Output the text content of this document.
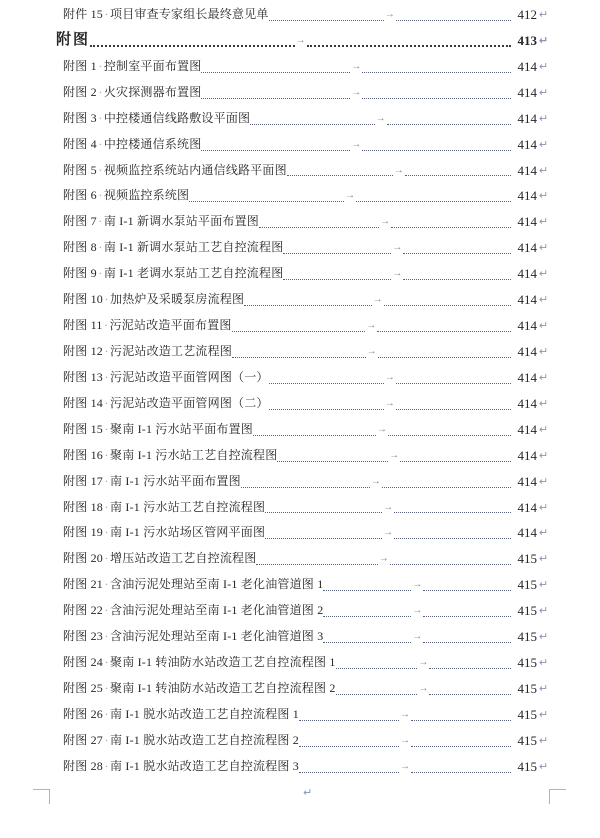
附件 15 · 项目审查专家组长最终意见单	→	412 ↵
附图	→	413 ↵
附图 1 · 控制室平面布置图	→	414 ↵
附图 2 · 火灾探测器布置图	→	414 ↵
附图 3 · 中控楼通信线路敷设平面图	→	414 ↵
附图 4 · 中控楼通信系统图	→	414 ↵
附图 5 · 视频监控系统站内通信线路平面图	→	414 ↵
附图 6 · 视频监控系统图	→	414 ↵
附图 7 · 南 I-1 新调水泵站平面布置图	→	414 ↵
附图 8 · 南 I-1 新调水泵站工艺自控流程图	→	414 ↵
附图 9 · 南 I-1 老调水泵站工艺自控流程图	→	414 ↵
附图 10 · 加热炉及采暖泵房流程图	→	414 ↵
附图 11 · 污泥站改造平面布置图	→	414 ↵
附图 12 · 污泥站改造工艺流程图	→	414 ↵
附图 13 · 污泥站改造平面管网图（一）	→	414 ↵
附图 14 · 污泥站改造平面管网图（二）	→	414 ↵
附图 15 · 聚南 I-1 污水站平面布置图	→	414 ↵
附图 16 · 聚南 I-1 污水站工艺自控流程图	→	414 ↵
附图 17 · 南 I-1 污水站平面布置图	→	414 ↵
附图 18 · 南 I-1 污水站工艺自控流程图	→	414 ↵
附图 19 · 南 I-1 污水站场区管网平面图	→	414 ↵
附图 20 · 增压站改造工艺自控流程图	→	415 ↵
附图 21 · 含油污泥处理站至南 I-1 老化油管道图 1	→	415 ↵
附图 22 · 含油污泥处理站至南 I-1 老化油管道图 2	→	415 ↵
附图 23 · 含油污泥处理站至南 I-1 老化油管道图 3	→	415 ↵
附图 24 · 聚南 I-1 转油防水站改造工艺自控流程图 1	→	415 ↵
附图 25 · 聚南 I-1 转油防水站改造工艺自控流程图 2	→	415 ↵
附图 26 · 南 I-1 脱水站改造工艺自控流程图 1	→	415 ↵
附图 27 · 南 I-1 脱水站改造工艺自控流程图 2	→	415 ↵
附图 28 · 南 I-1 脱水站改造工艺自控流程图 3	→	415 ↵
↵
